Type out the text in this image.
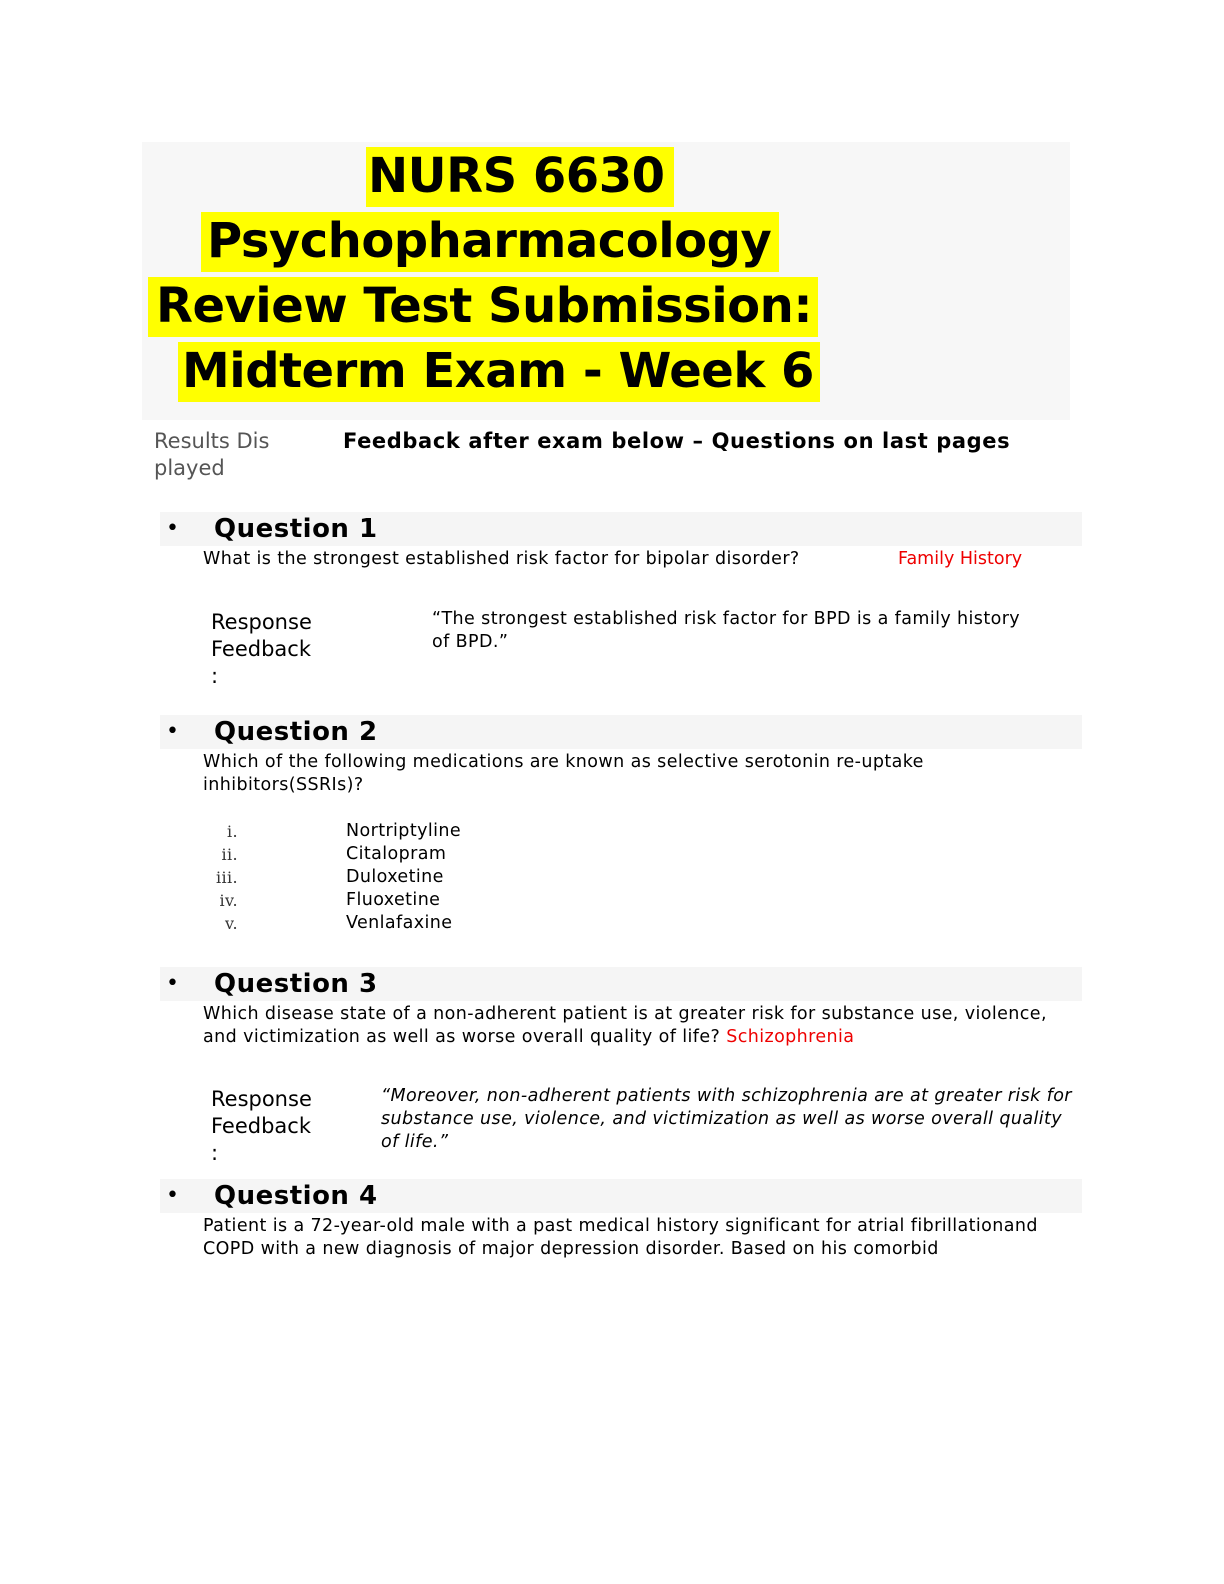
NURS 6630
Psychopharmacology
Review Test Submission:
Midterm Exam - Week 6
Results Displayed
Feedback after exam below – Questions on last pages
• Question 1
What is the strongest established risk factor for bipolar disorder?	Family History
Response
Feedback
:
“The strongest established risk factor for BPD is a family history of BPD.”
• Question 2
Which of the following medications are known as selective serotonin re-uptake inhibitors(SSRIs)?
i.	Nortriptyline
ii.	Citalopram
iii.	Duloxetine
iv.	Fluoxetine
v.	Venlafaxine
• Question 3
Which disease state of a non-adherent patient is at greater risk for substance use, violence, and victimization as well as worse overall quality of life? Schizophrenia
Response
Feedback
:
“Moreover, non-adherent patients with schizophrenia are at greater risk for substance use, violence, and victimization as well as worse overall quality of life.”
• Question 4
Patient is a 72-year-old male with a past medical history significant for atrial fibrillationand COPD with a new diagnosis of major depression disorder. Based on his comorbid
